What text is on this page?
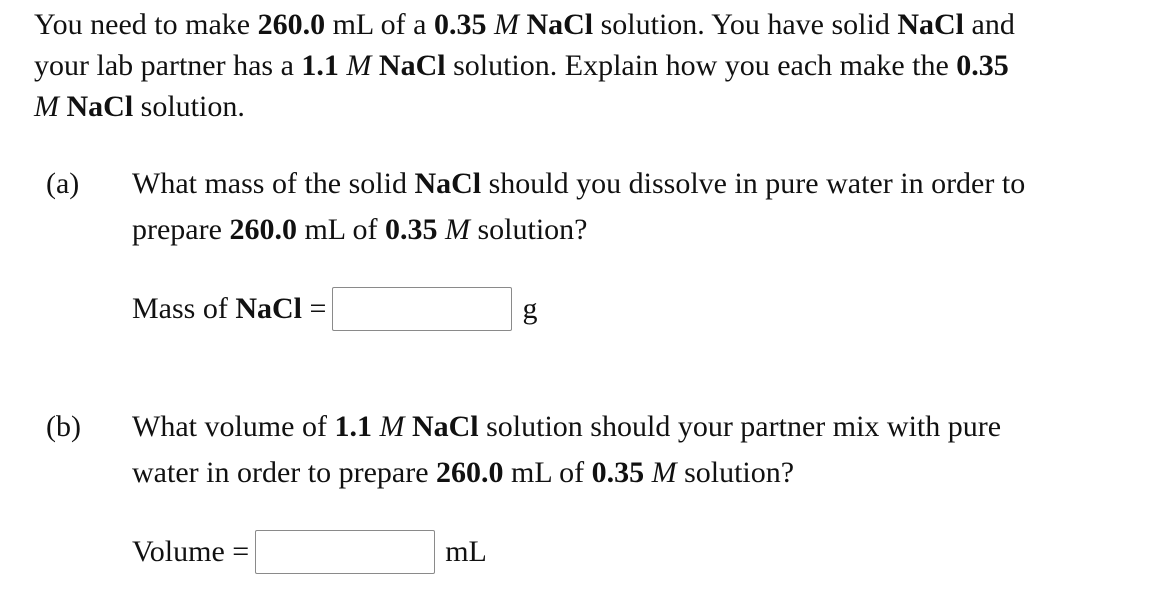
You need to make 260.0 mL of a 0.35 M NaCl solution. You have solid NaCl and
your lab partner has a 1.1 M NaCl solution. Explain how you each make the 0.35
M NaCl solution.
(a) What mass of the solid NaCl should you dissolve in pure water in order to
prepare 260.0 mL of 0.35 M solution?
Mass of NaCl =	g
(b) What volume of 1.1 M NaCl solution should your partner mix with pure
water in order to prepare 260.0 mL of 0.35 M solution?
Volume =	mL
